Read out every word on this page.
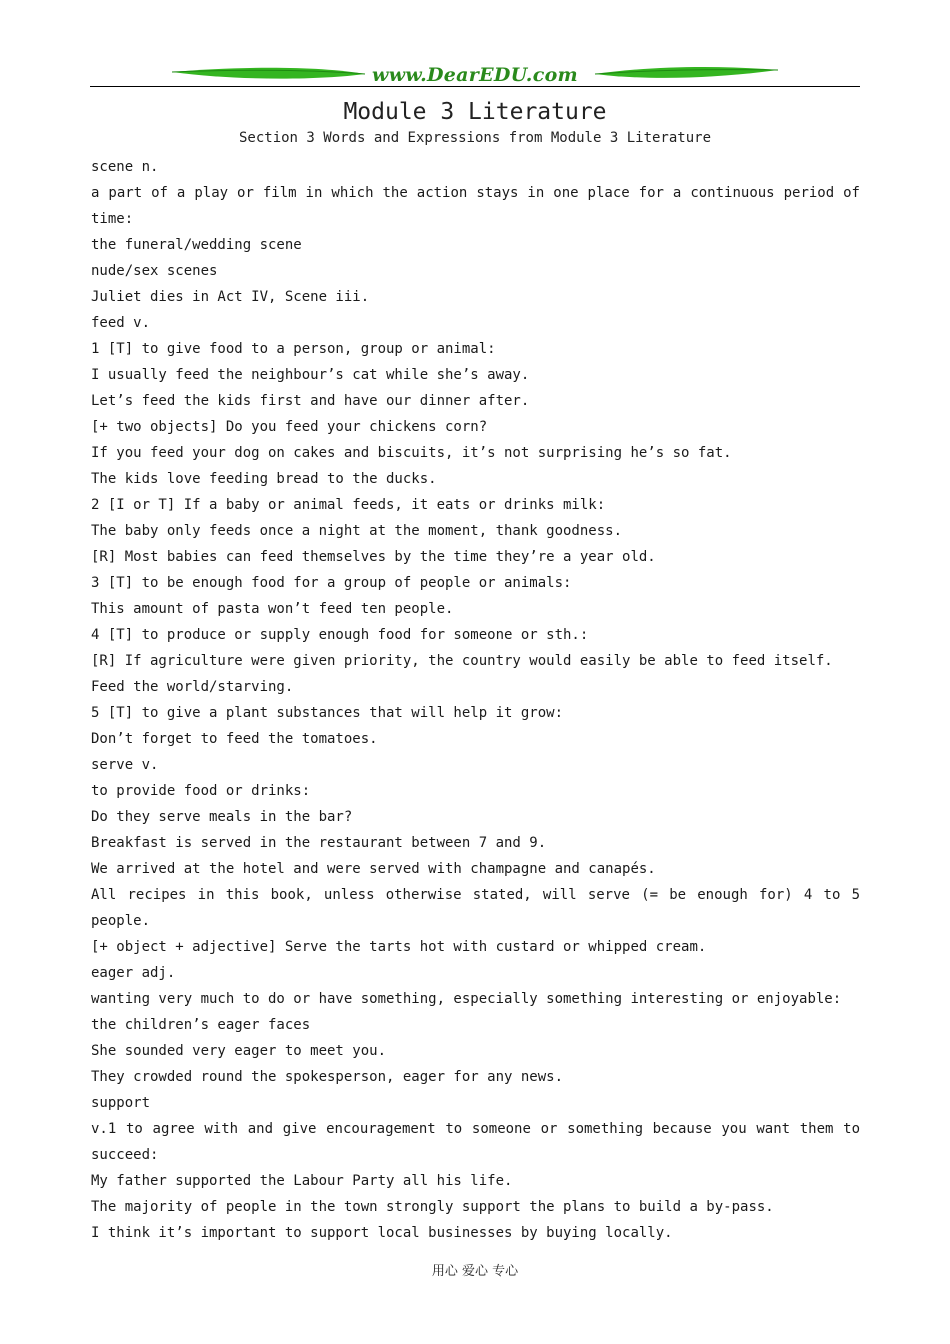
www.DearEDU.com
Module 3 Literature
Section 3 Words and Expressions from Module 3 Literature
scene n.
a part of a play or film in which the action stays in one place for a continuous period of
time:
the funeral/wedding scene
nude/sex scenes
Juliet dies in Act IV, Scene iii.
feed v.
1 [T] to give food to a person, group or animal:
I usually feed the neighbour’s cat while she’s away.
Let’s feed the kids first and have our dinner after.
[+ two objects] Do you feed your chickens corn?
If you feed your dog on cakes and biscuits, it’s not surprising he’s so fat.
The kids love feeding bread to the ducks.
2 [I or T] If a baby or animal feeds, it eats or drinks milk:
The baby only feeds once a night at the moment, thank goodness.
[R] Most babies can feed themselves by the time they’re a year old.
3 [T] to be enough food for a group of people or animals:
This amount of pasta won’t feed ten people.
4 [T] to produce or supply enough food for someone or sth.:
[R] If agriculture were given priority, the country would easily be able to feed itself.
Feed the world/starving.
5 [T] to give a plant substances that will help it grow:
Don’t forget to feed the tomatoes.
serve v.
to provide food or drinks:
Do they serve meals in the bar?
Breakfast is served in the restaurant between 7 and 9.
We arrived at the hotel and were served with champagne and canapés.
All recipes in this book, unless otherwise stated, will serve (= be enough for) 4 to 5
people.
[+ object + adjective] Serve the tarts hot with custard or whipped cream.
eager adj.
wanting very much to do or have something, especially something interesting or enjoyable:
the children’s eager faces
She sounded very eager to meet you.
They crowded round the spokesperson, eager for any news.
support
v.1 to agree with and give encouragement to someone or something because you want them to
succeed:
My father supported the Labour Party all his life.
The majority of people in the town strongly support the plans to build a by-pass.
I think it’s important to support local businesses by buying locally.
用心 爱心 专心
